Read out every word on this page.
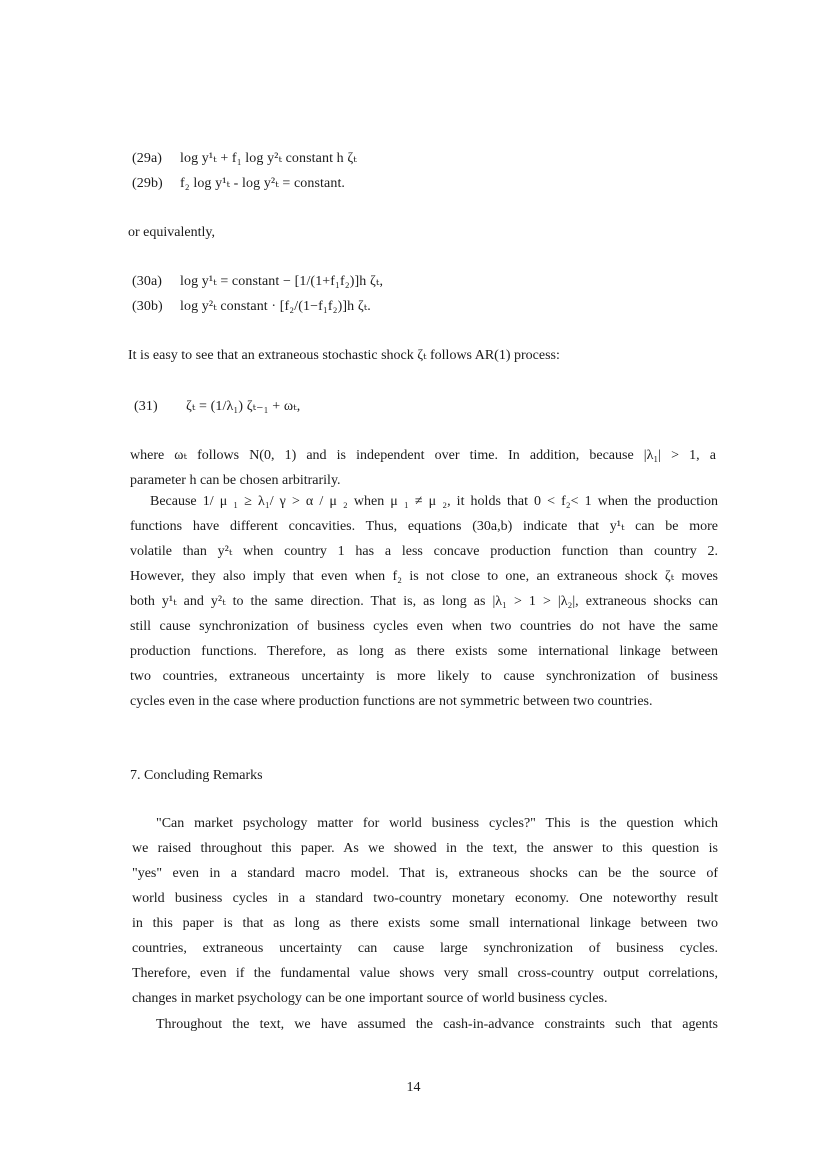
(29a) log y¹ₜ + f₁ log y²ₜ constant h ζₜ
(29b) f₂ log y¹ₜ - log y²ₜ = constant.
or equivalently,
(30a) log y¹ₜ = constant − [1/(1+f₁f₂)]h ζₜ,
(30b) log y²ₜ constant · [f₂/(1−f₁f₂)]h ζₜ.
It is easy to see that an extraneous stochastic shock ζₜ follows AR(1) process:
(31) ζₜ = (1/λ₁) ζₜ₋₁ + ωₜ,
where ωₜ follows N(0, 1) and is independent over time. In addition, because |λ₁| > 1, a
parameter h can be chosen arbitrarily.
Because 1/ μ ₁ ≥ λ₁/ γ > α / μ ₂ when μ ₁ ≠ μ ₂, it holds that 0 < f₂< 1 when the production
functions have different concavities. Thus, equations (30a,b) indicate that y¹ₜ can be more
volatile than y²ₜ when country 1 has a less concave production function than country 2.
However, they also imply that even when f₂ is not close to one, an extraneous shock ζₜ moves
both y¹ₜ and y²ₜ to the same direction. That is, as long as |λ₁ > 1 > |λ₂|, extraneous shocks can
still cause synchronization of business cycles even when two countries do not have the same
production functions. Therefore, as long as there exists some international linkage between
two countries, extraneous uncertainty is more likely to cause synchronization of business
cycles even in the case where production functions are not symmetric between two countries.
7. Concluding Remarks
"Can market psychology matter for world business cycles?" This is the question which
we raised throughout this paper. As we showed in the text, the answer to this question is
"yes" even in a standard macro model. That is, extraneous shocks can be the source of
world business cycles in a standard two-country monetary economy. One noteworthy result
in this paper is that as long as there exists some small international linkage between two
countries, extraneous uncertainty can cause large synchronization of business cycles.
Therefore, even if the fundamental value shows very small cross-country output correlations,
changes in market psychology can be one important source of world business cycles.
Throughout the text, we have assumed the cash-in-advance constraints such that agents
14
